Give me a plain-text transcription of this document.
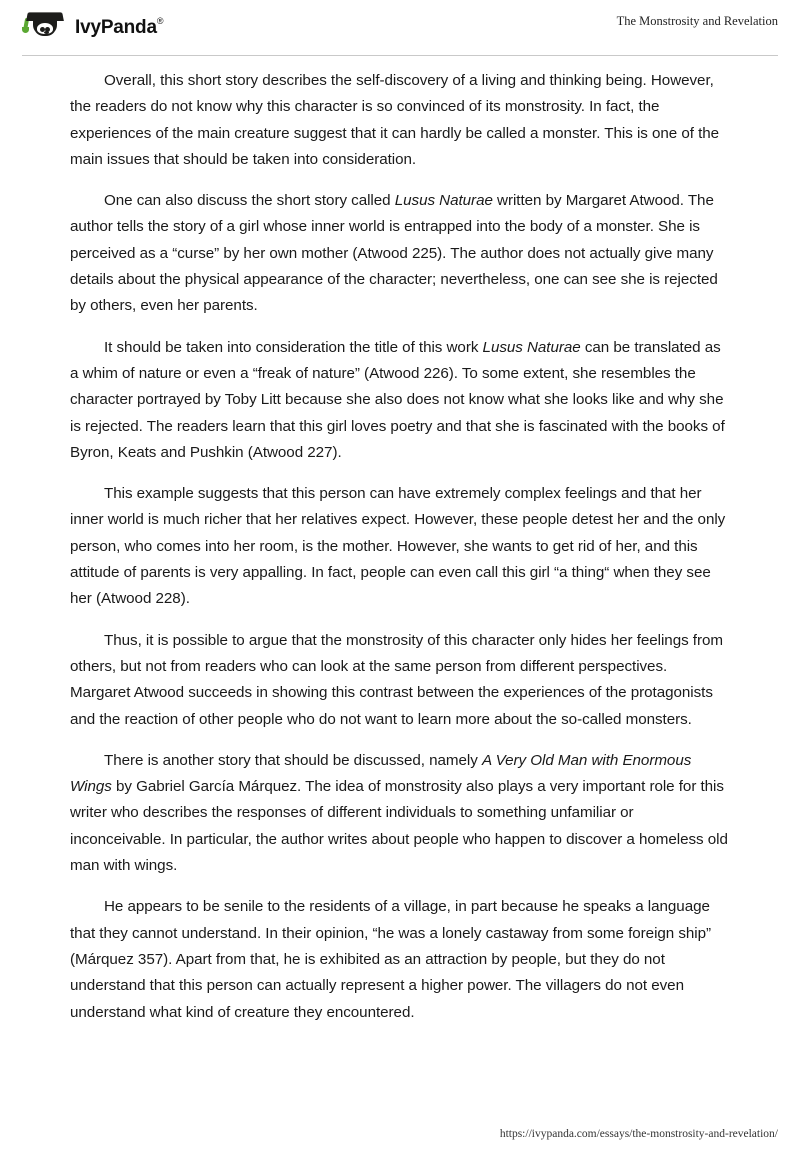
IvyPanda®	The Monstrosity and Revelation

Overall, this short story describes the self-discovery of a living and thinking being. However, the readers do not know why this character is so convinced of its monstrosity. In fact, the experiences of the main creature suggest that it can hardly be called a monster. This is one of the main issues that should be taken into consideration.

One can also discuss the short story called Lusus Naturae written by Margaret Atwood. The author tells the story of a girl whose inner world is entrapped into the body of a monster. She is perceived as a “curse” by her own mother (Atwood 225). The author does not actually give many details about the physical appearance of the character; nevertheless, one can see she is rejected by others, even her parents.

It should be taken into consideration the title of this work Lusus Naturae can be translated as a whim of nature or even a “freak of nature” (Atwood 226). To some extent, she resembles the character portrayed by Toby Litt because she also does not know what she looks like and why she is rejected. The readers learn that this girl loves poetry and that she is fascinated with the books of Byron, Keats and Pushkin (Atwood 227).

This example suggests that this person can have extremely complex feelings and that her inner world is much richer that her relatives expect. However, these people detest her and the only person, who comes into her room, is the mother. However, she wants to get rid of her, and this attitude of parents is very appalling. In fact, people can even call this girl “a thing“ when they see her (Atwood 228).

Thus, it is possible to argue that the monstrosity of this character only hides her feelings from others, but not from readers who can look at the same person from different perspectives. Margaret Atwood succeeds in showing this contrast between the experiences of the protagonists and the reaction of other people who do not want to learn more about the so-called monsters.

There is another story that should be discussed, namely A Very Old Man with Enormous Wings by Gabriel García Márquez. The idea of monstrosity also plays a very important role for this writer who describes the responses of different individuals to something unfamiliar or inconceivable. In particular, the author writes about people who happen to discover a homeless old man with wings.

He appears to be senile to the residents of a village, in part because he speaks a language that they cannot understand. In their opinion, “he was a lonely castaway from some foreign ship” (Márquez 357). Apart from that, he is exhibited as an attraction by people, but they do not understand that this person can actually represent a higher power. The villagers do not even understand what kind of creature they encountered.

https://ivypanda.com/essays/the-monstrosity-and-revelation/
